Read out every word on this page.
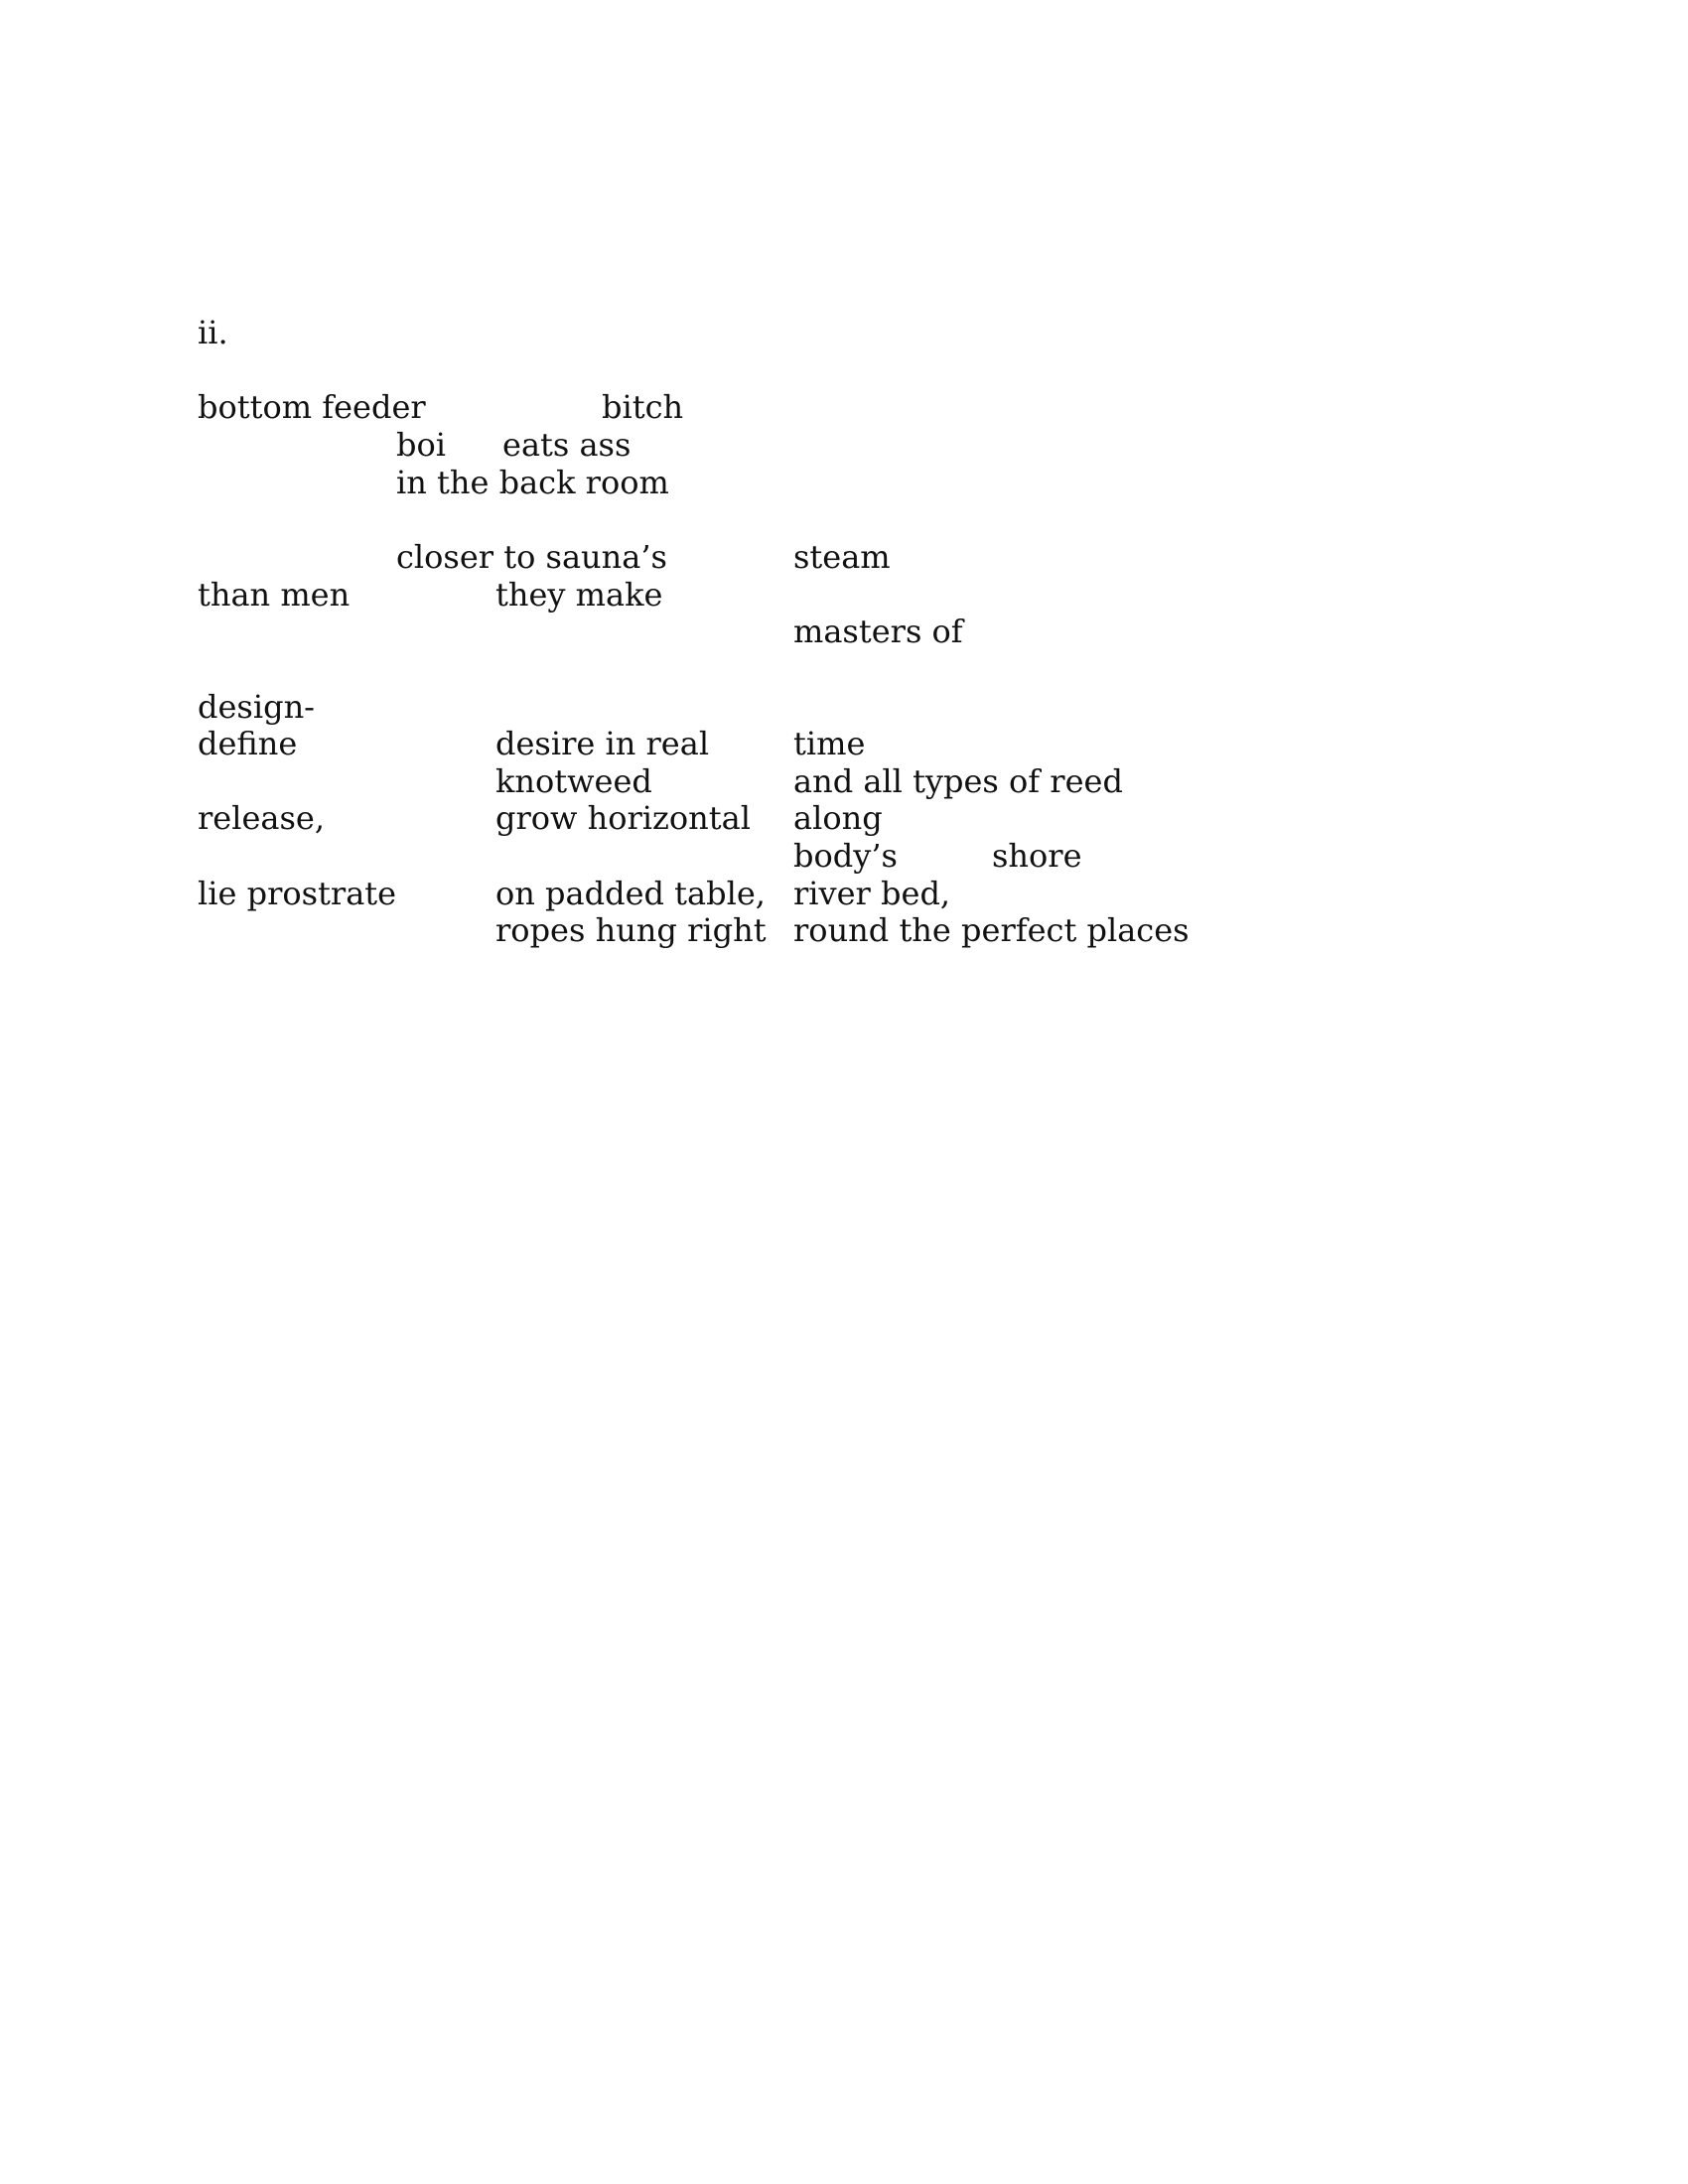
ii.
bottom feeder	bitch
boi eats ass
in the back room
closer to sauna’s	steam
than men	they make
masters of
design-
define	desire in real	time
knotweed	and all types of reed
release,	grow horizontal along
body’s	shore
lie prostrate	on padded table, river bed,
ropes hung right round the perfect places
